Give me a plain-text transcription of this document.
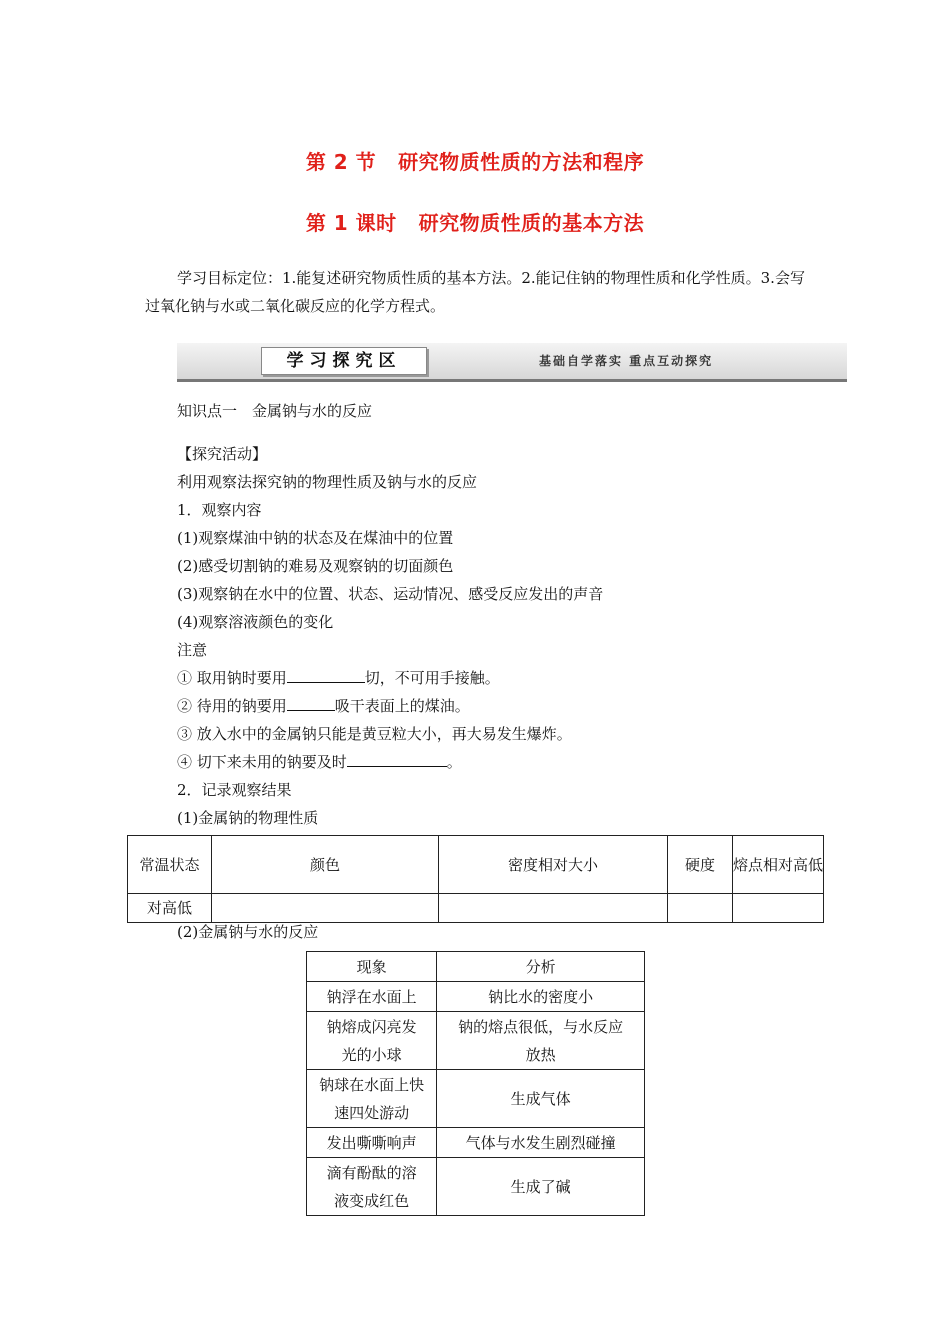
第 2 节 研究物质性质的方法和程序
第 1 课时 研究物质性质的基本方法
学习目标定位：1.能复述研究物质性质的基本方法。2.能记住钠的物理性质和化学性质。3.会写过氧化钠与水或二氧化碳反应的化学方程式。
学习探究区	基础自学落实 重点互动探究
知识点一　金属钠与水的反应
【探究活动】
利用观察法探究钠的物理性质及钠与水的反应
1．观察内容
(1)观察煤油中钠的状态及在煤油中的位置
(2)感受切割钠的难易及观察钠的切面颜色
(3)观察钠在水中的位置、状态、运动情况、感受反应发出的声音
(4)观察溶液颜色的变化
注意
① 取用钠时要用	切，不可用手接触。
② 待用的钠要用	吸干表面上的煤油。
③ 放入水中的金属钠只能是黄豆粒大小，再大易发生爆炸。
④ 切下来未用的钠要及时	。
2．记录观察结果
(1)金属钠的物理性质
常温状态	颜色	密度相对大小	硬度	熔点相对高低
对高低				
(2)金属钠与水的反应
现象	分析
钠浮在水面上	钠比水的密度小
钠熔成闪亮发光的小球	钠的熔点很低，与水反应放热
钠球在水面上快速四处游动	生成气体
发出嘶嘶响声	气体与水发生剧烈碰撞
滴有酚酞的溶液变成红色	生成了碱
